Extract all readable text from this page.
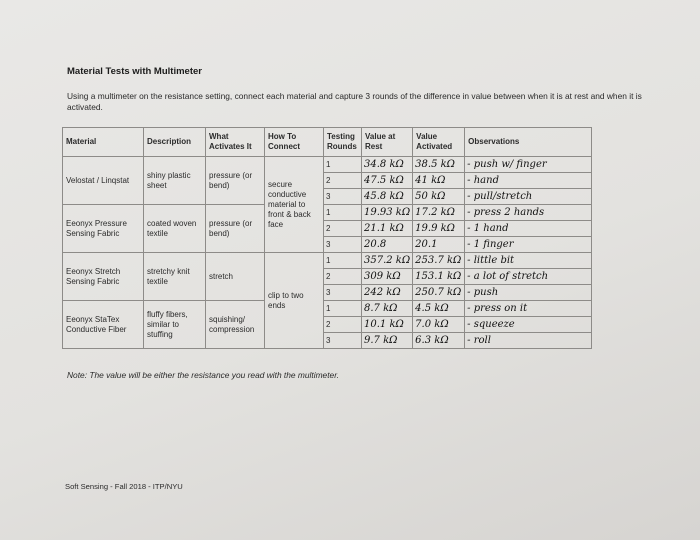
Material Tests with Multimeter
Using a multimeter on the resistance setting, connect each material and capture 3 rounds of the difference in value between when it is at rest and when it is activated.
Material	Description	What Activates It	How To Connect	Testing Rounds	Value at Rest	Value Activated	Observations
Velostat / Linqstat	shiny plastic sheet	pressure (or bend)	secure conductive material to front & back face	1	34.8 kΩ	38.5 kΩ	- push w/ finger
				2	47.5 kΩ	41 kΩ	- hand
				3	45.8 kΩ	50 kΩ	- pull/stretch
Eeonyx Pressure Sensing Fabric	coated woven textile	pressure (or bend)		1	19.93 kΩ	17.2 kΩ	- press 2 hands
				2	21.1 kΩ	19.9 kΩ	- 1 hand
				3	20.8	20.1	- 1 finger
Eeonyx Stretch Sensing Fabric	stretchy knit textile	stretch	clip to two ends	1	357.2 kΩ	253.7 kΩ	- little bit
				2	309 kΩ	153.1 kΩ	- a lot of stretch
				3	242 kΩ	250.7 kΩ	- push
Eeonyx StaTex Conductive Fiber	fluffy fibers, similar to stuffing	squishing/ compression		1	8.7 kΩ	4.5 kΩ	- press on it
				2	10.1 kΩ	7.0 kΩ	- squeeze
				3	9.7 kΩ	6.3 kΩ	- roll
Note: The value will be either the resistance you read with the multimeter.
Soft Sensing - Fall 2018 - ITP/NYU
